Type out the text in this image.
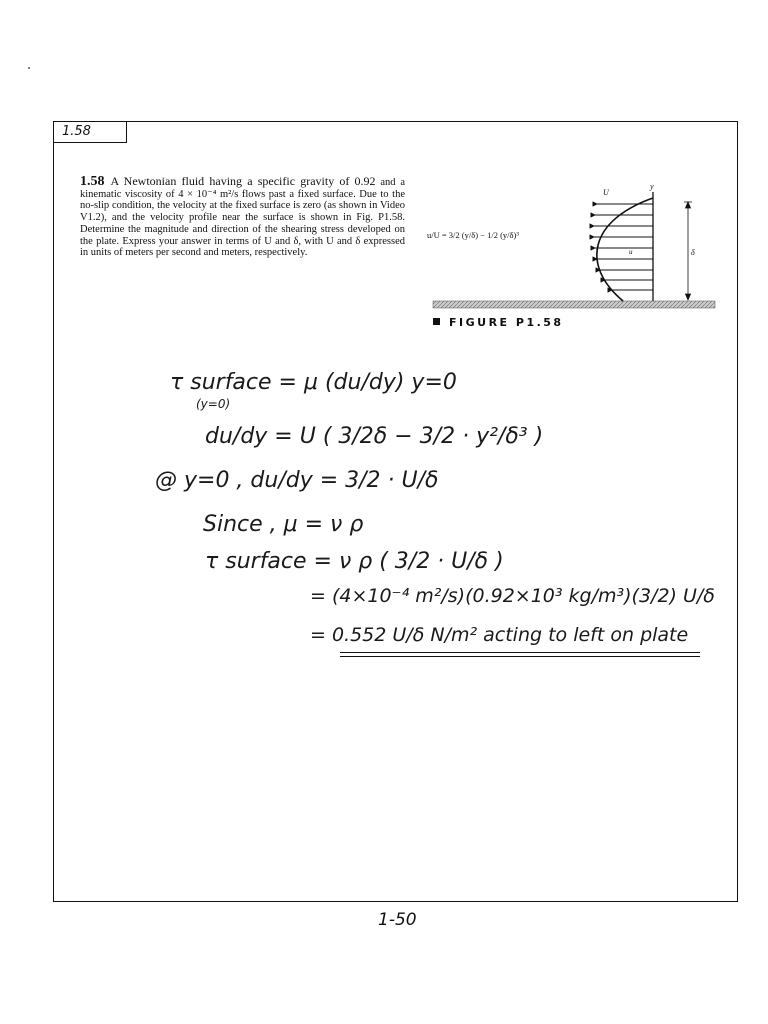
1.58
1.58 A Newtonian fluid having a specific gravity of 0.92 and a kinematic viscosity of 4 × 10⁻⁴ m²/s flows past a fixed surface. Due to the no-slip condition, the velocity at the fixed surface is zero (as shown in Video V1.2), and the velocity profile near the surface is shown in Fig. P1.58. Determine the magnitude and direction of the shearing stress developed on the plate. Express your answer in terms of U and δ, with U and δ expressed in units of meters per second and meters, respectively.
u/U = 3/2 (y/δ) − 1/2 (y/δ)³
U
y
u	δ
FIGURE P1.58
τ surface = μ (du/dy) y=0
(y=0)
du/dy = U ( 3/2δ − 3/2 · y²/δ³ )
@ y=0 , du/dy = 3/2 · U/δ
Since , μ = ν ρ
τ surface = ν ρ ( 3/2 · U/δ )
= (4×10⁻⁴ m²/s)(0.92×10³ kg/m³)(3/2) U/δ
= 0.552 U/δ N/m² acting to left on plate
1-50
